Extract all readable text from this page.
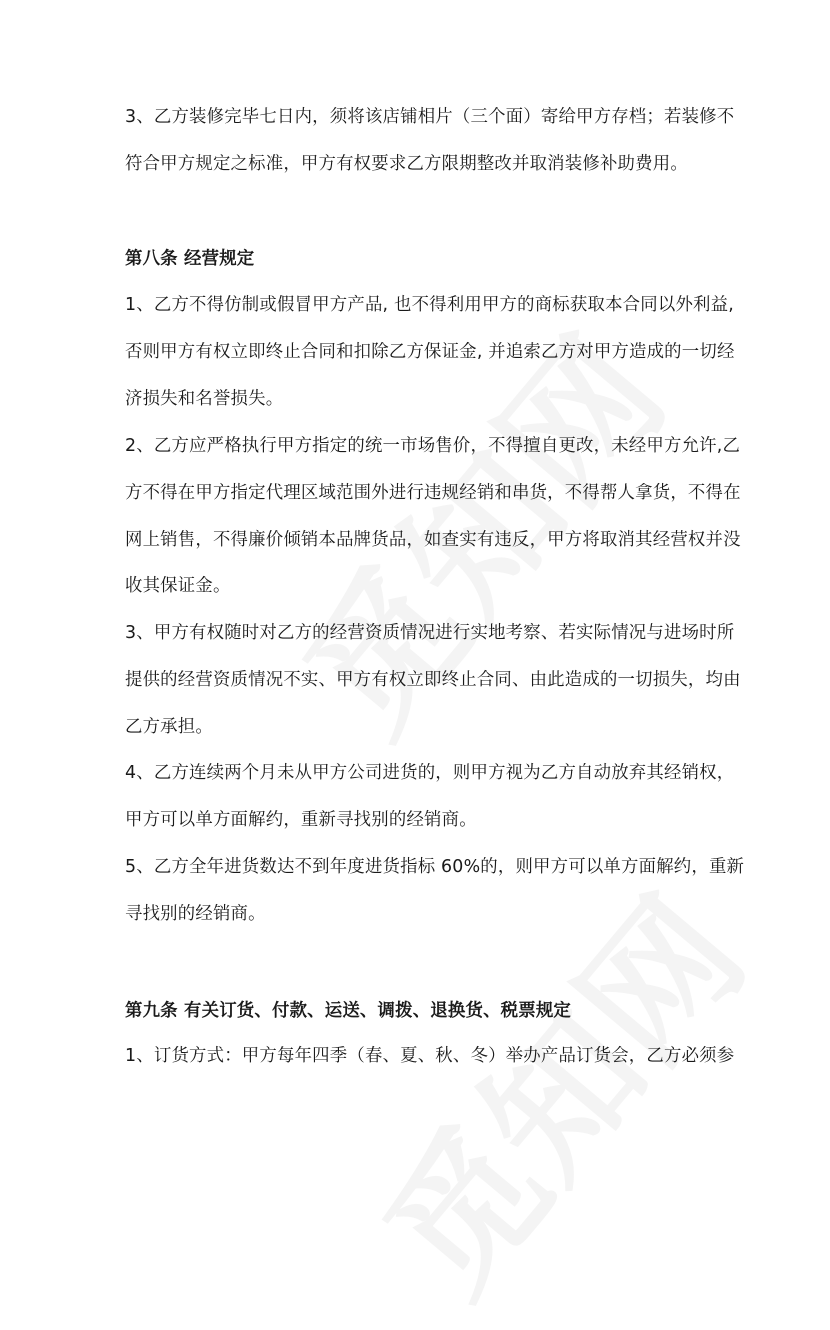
3、乙方装修完毕七日内，须将该店铺相片（三个面）寄给甲方存档；若装修不
符合甲方规定之标准，甲方有权要求乙方限期整改并取消装修补助费用。
第八条 经营规定
1、乙方不得仿制或假冒甲方产品, 也不得利用甲方的商标获取本合同以外利益,
否则甲方有权立即终止合同和扣除乙方保证金, 并追索乙方对甲方造成的一切经
济损失和名誉损失。
2、乙方应严格执行甲方指定的统一市场售价，不得擅自更改，未经甲方允许,乙
方不得在甲方指定代理区域范围外进行违规经销和串货，不得帮人拿货，不得在
网上销售，不得廉价倾销本品牌货品，如查实有违反，甲方将取消其经营权并没
收其保证金。
3、甲方有权随时对乙方的经营资质情况进行实地考察、若实际情况与进场时所
提供的经营资质情况不实、甲方有权立即终止合同、由此造成的一切损失，均由
乙方承担。
4、乙方连续两个月未从甲方公司进货的，则甲方视为乙方自动放弃其经销权，
甲方可以单方面解约，重新寻找别的经销商。
5、乙方全年进货数达不到年度进货指标 60%的，则甲方可以单方面解约，重新
寻找别的经销商。
第九条 有关订货、付款、运送、调拨、退换货、税票规定
1、订货方式：甲方每年四季（春、夏、秋、冬）举办产品订货会，乙方必须参
